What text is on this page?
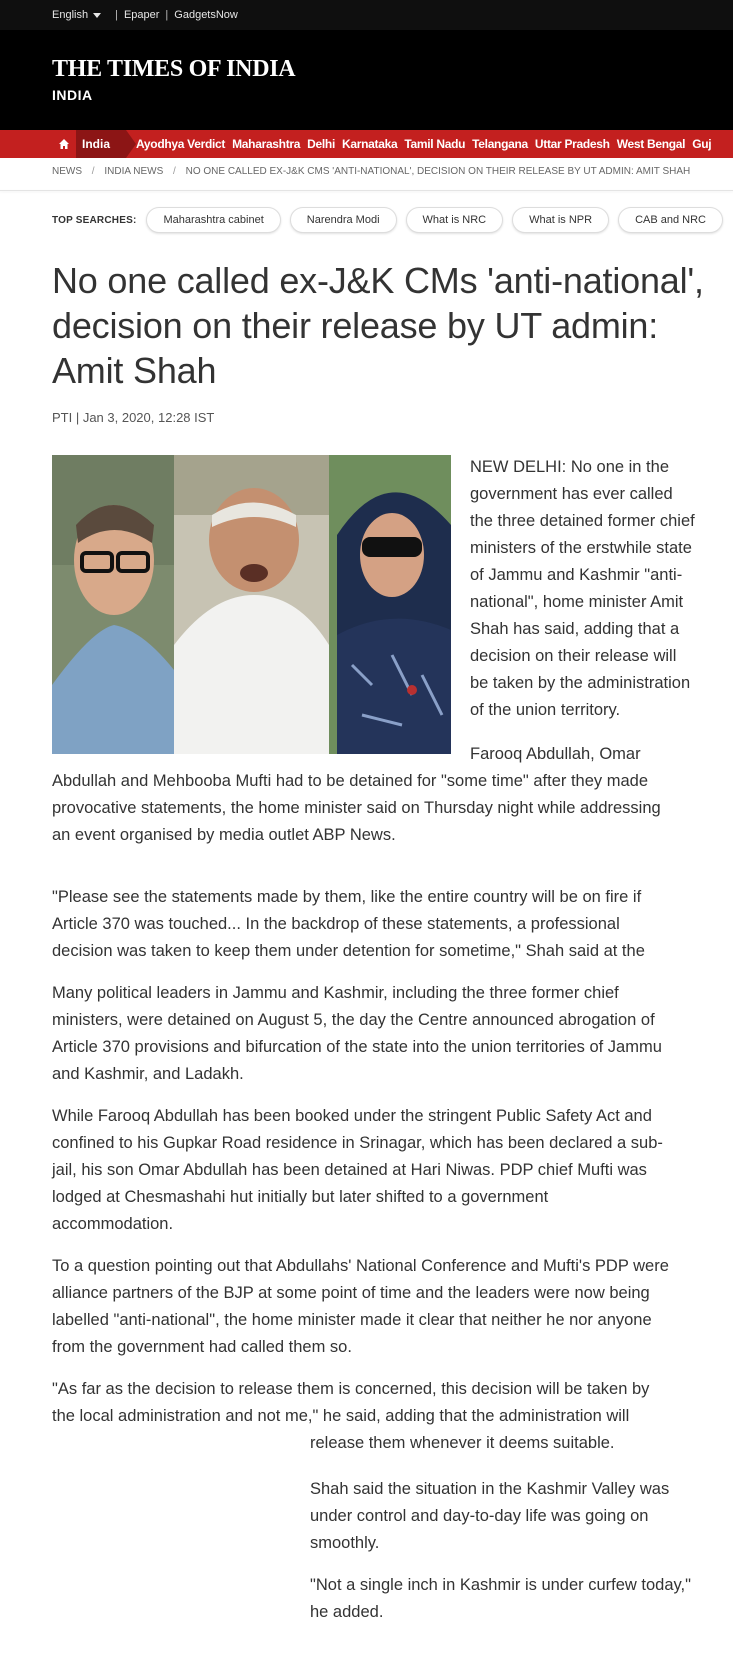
English | Epaper | GadgetsNow
THE TIMES OF INDIA
INDIA
India	Ayodhya Verdict Maharashtra Delhi Karnataka Tamil Nadu Telangana Uttar Pradesh West Bengal Guj
NEWS / INDIA NEWS / NO ONE CALLED EX-J&K CMS 'ANTI-NATIONAL', DECISION ON THEIR RELEASE BY UT ADMIN: AMIT SHAH
TOP SEARCHES:	Maharashtra cabinet	Narendra Modi	What is NRC	What is NPR	CAB and NRC
No one called ex-J&K CMs 'anti-national', decision on their release by UT admin: Amit Shah
PTI | Jan 3, 2020, 12:28 IST
NEW DELHI: No one in the
government has ever called
the three detained former chief
ministers of the erstwhile state
of Jammu and Kashmir "anti-
national", home minister Amit
Shah has said, adding that a
decision on their release will
be taken by the administration
of the union territory.
Farooq Abdullah, Omar
Abdullah and Mehbooba Mufti had to be detained for "some time" after they made
provocative statements, the home minister said on Thursday night while addressing
an event organised by media outlet ABP News.
"Please see the statements made by them, like the entire country will be on fire if
Article 370 was touched... In the backdrop of these statements, a professional
decision was taken to keep them under detention for sometime," Shah said at the
Many political leaders in Jammu and Kashmir, including the three former chief
ministers, were detained on August 5, the day the Centre announced abrogation of
Article 370 provisions and bifurcation of the state into the union territories of Jammu
and Kashmir, and Ladakh.
While Farooq Abdullah has been booked under the stringent Public Safety Act and
confined to his Gupkar Road residence in Srinagar, which has been declared a sub-
jail, his son Omar Abdullah has been detained at Hari Niwas. PDP chief Mufti was
lodged at Chesmashahi hut initially but later shifted to a government
accommodation.
To a question pointing out that Abdullahs' National Conference and Mufti's PDP were
alliance partners of the BJP at some point of time and the leaders were now being
labelled "anti-national", the home minister made it clear that neither he nor anyone
from the government had called them so.
"As far as the decision to release them is concerned, this decision will be taken by
the local administration and not me," he said, adding that the administration will
release them whenever it deems suitable.
Shah said the situation in the Kashmir Valley was
under control and day-to-day life was going on
smoothly.
"Not a single inch in Kashmir is under curfew today,"
he added.
